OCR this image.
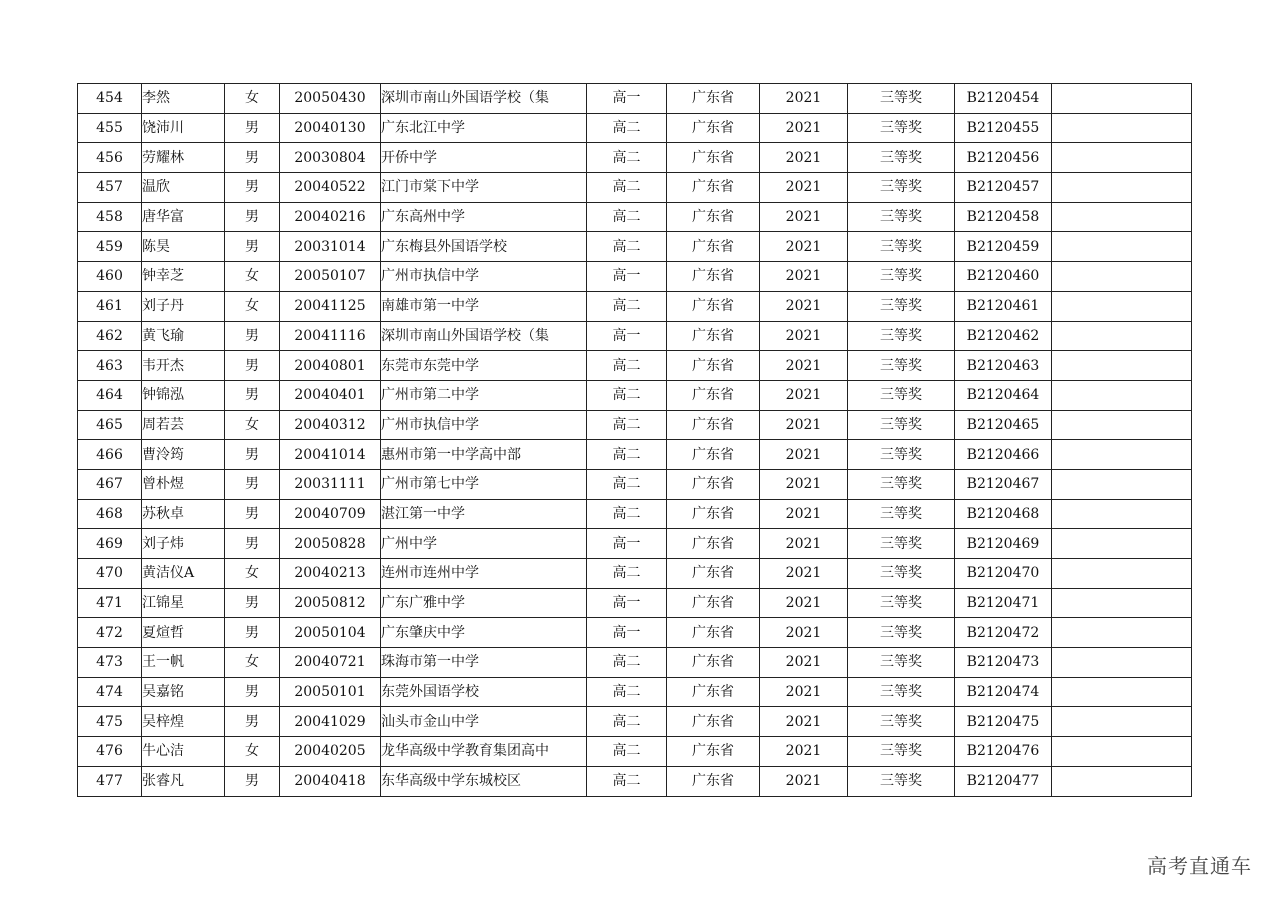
454	李然	女	20050430	深圳市南山外国语学校（集	高一	广东省	2021	三等奖	B2120454	
455	饶沛川	男	20040130	广东北江中学	高二	广东省	2021	三等奖	B2120455	
456	劳耀林	男	20030804	开侨中学	高二	广东省	2021	三等奖	B2120456	
457	温欣	男	20040522	江门市棠下中学	高二	广东省	2021	三等奖	B2120457	
458	唐华富	男	20040216	广东高州中学	高二	广东省	2021	三等奖	B2120458	
459	陈昊	男	20031014	广东梅县外国语学校	高二	广东省	2021	三等奖	B2120459	
460	钟幸芝	女	20050107	广州市执信中学	高一	广东省	2021	三等奖	B2120460	
461	刘子丹	女	20041125	南雄市第一中学	高二	广东省	2021	三等奖	B2120461	
462	黄飞瑜	男	20041116	深圳市南山外国语学校（集	高一	广东省	2021	三等奖	B2120462	
463	韦开杰	男	20040801	东莞市东莞中学	高二	广东省	2021	三等奖	B2120463	
464	钟锦泓	男	20040401	广州市第二中学	高二	广东省	2021	三等奖	B2120464	
465	周若芸	女	20040312	广州市执信中学	高二	广东省	2021	三等奖	B2120465	
466	曹泠筠	男	20041014	惠州市第一中学高中部	高二	广东省	2021	三等奖	B2120466	
467	曾朴煜	男	20031111	广州市第七中学	高二	广东省	2021	三等奖	B2120467	
468	苏秋卓	男	20040709	湛江第一中学	高二	广东省	2021	三等奖	B2120468	
469	刘子炜	男	20050828	广州中学	高一	广东省	2021	三等奖	B2120469	
470	黄洁仪A	女	20040213	连州市连州中学	高二	广东省	2021	三等奖	B2120470	
471	江锦星	男	20050812	广东广雅中学	高一	广东省	2021	三等奖	B2120471	
472	夏煊哲	男	20050104	广东肇庆中学	高一	广东省	2021	三等奖	B2120472	
473	王一帆	女	20040721	珠海市第一中学	高二	广东省	2021	三等奖	B2120473	
474	吴嘉铭	男	20050101	东莞外国语学校	高二	广东省	2021	三等奖	B2120474	
475	吴梓煌	男	20041029	汕头市金山中学	高二	广东省	2021	三等奖	B2120475	
476	牛心洁	女	20040205	龙华高级中学教育集团高中	高二	广东省	2021	三等奖	B2120476	
477	张睿凡	男	20040418	东华高级中学东城校区	高二	广东省	2021	三等奖	B2120477	
高考直通车
